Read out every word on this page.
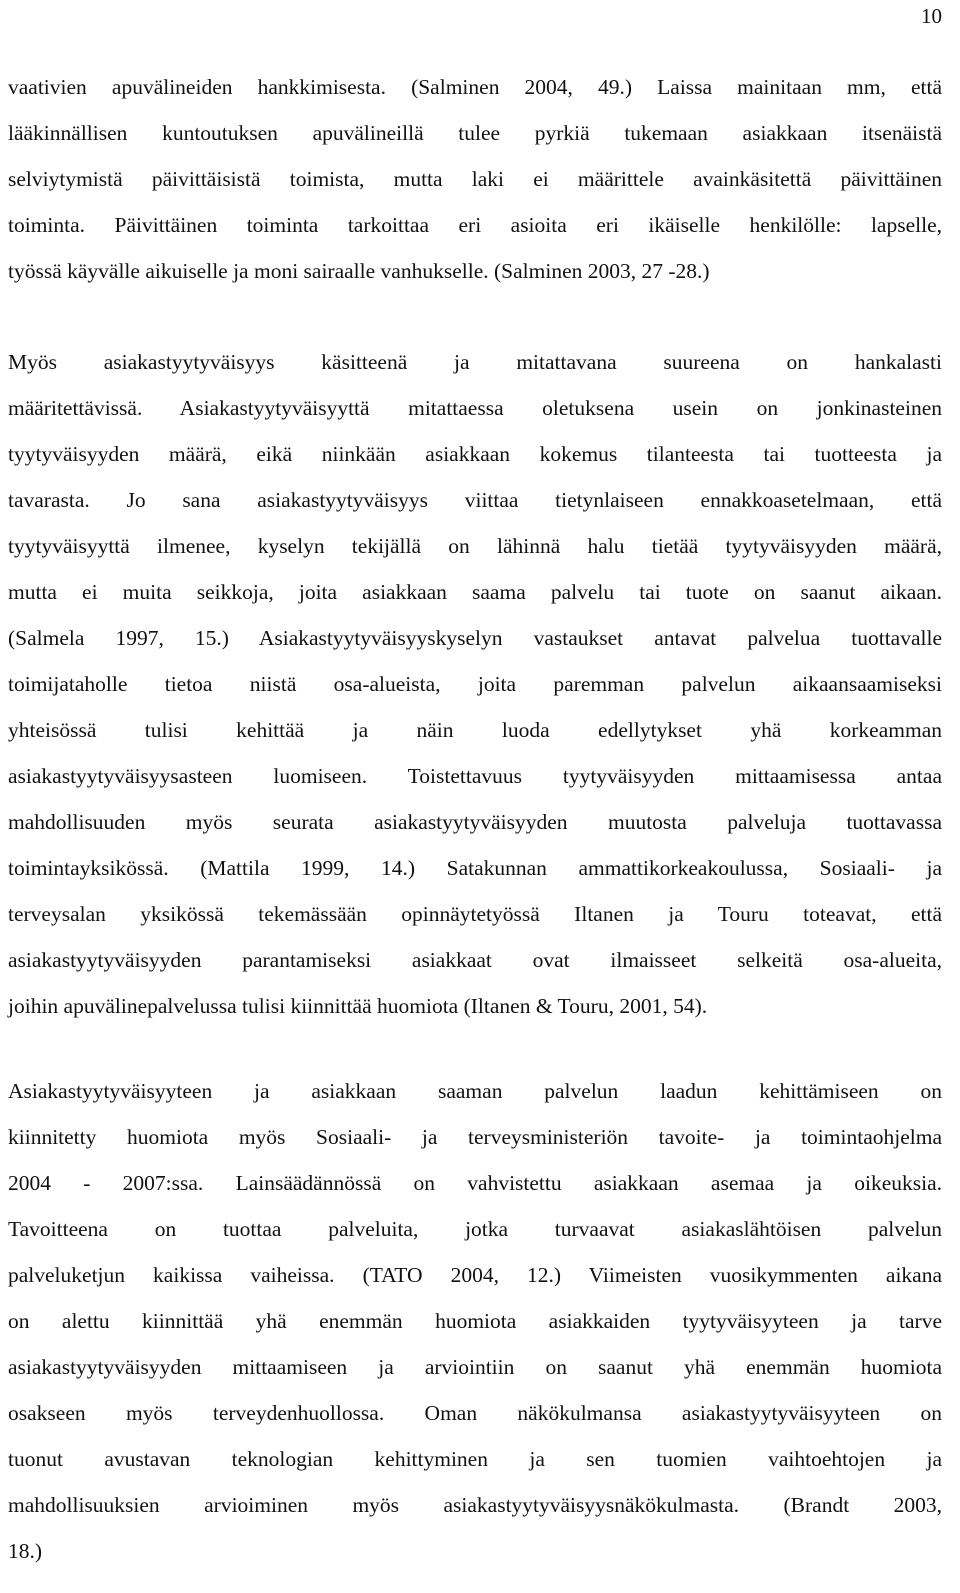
10
vaativien apuvälineiden hankkimisesta. (Salminen 2004, 49.) Laissa mainitaan mm, että
lääkinnällisen kuntoutuksen apuvälineillä tulee pyrkiä tukemaan asiakkaan itsenäistä
selviytymistä päivittäisistä toimista, mutta laki ei määrittele avainkäsitettä päivittäinen
toiminta. Päivittäinen toiminta tarkoittaa eri asioita eri ikäiselle henkilölle: lapselle,
työssä käyvälle aikuiselle ja moni sairaalle vanhukselle. (Salminen 2003, 27 -28.)
Myös asiakastyytyväisyys käsitteenä ja mitattavana suureena on hankalasti
määritettävissä. Asiakastyytyväisyyttä mitattaessa oletuksena usein on jonkinasteinen
tyytyväisyyden määrä, eikä niinkään asiakkaan kokemus tilanteesta tai tuotteesta ja
tavarasta. Jo sana asiakastyytyväisyys viittaa tietynlaiseen ennakkoasetelmaan, että
tyytyväisyyttä ilmenee, kyselyn tekijällä on lähinnä halu tietää tyytyväisyyden määrä,
mutta ei muita seikkoja, joita asiakkaan saama palvelu tai tuote on saanut aikaan.
(Salmela 1997, 15.) Asiakastyytyväisyyskyselyn vastaukset antavat palvelua tuottavalle
toimijataholle tietoa niistä osa-alueista, joita paremman palvelun aikaansaamiseksi
yhteisössä tulisi kehittää ja näin luoda edellytykset yhä korkeamman
asiakastyytyväisyysasteen luomiseen. Toistettavuus tyytyväisyyden mittaamisessa antaa
mahdollisuuden myös seurata asiakastyytyväisyyden muutosta palveluja tuottavassa
toimintayksikössä. (Mattila 1999, 14.) Satakunnan ammattikorkeakoulussa, Sosiaali- ja
terveysalan yksikössä tekemässään opinnäytetyössä Iltanen ja Touru toteavat, että
asiakastyytyväisyyden parantamiseksi asiakkaat ovat ilmaisseet selkeitä osa-alueita,
joihin apuvälinepalvelussa tulisi kiinnittää huomiota (Iltanen & Touru, 2001, 54).
Asiakastyytyväisyyteen ja asiakkaan saaman palvelun laadun kehittämiseen on
kiinnitetty huomiota myös Sosiaali- ja terveysministeriön tavoite- ja toimintaohjelma
2004 - 2007:ssa. Lainsäädännössä on vahvistettu asiakkaan asemaa ja oikeuksia.
Tavoitteena on tuottaa palveluita, jotka turvaavat asiakaslähtöisen palvelun
palveluketjun kaikissa vaiheissa. (TATO 2004, 12.) Viimeisten vuosikymmenten aikana
on alettu kiinnittää yhä enemmän huomiota asiakkaiden tyytyväisyyteen ja tarve
asiakastyytyväisyyden mittaamiseen ja arviointiin on saanut yhä enemmän huomiota
osakseen myös terveydenhuollossa. Oman näkökulmansa asiakastyytyväisyyteen on
tuonut avustavan teknologian kehittyminen ja sen tuomien vaihtoehtojen ja
mahdollisuuksien arvioiminen myös asiakastyytyväisyysnäkökulmasta. (Brandt 2003,
18.)
